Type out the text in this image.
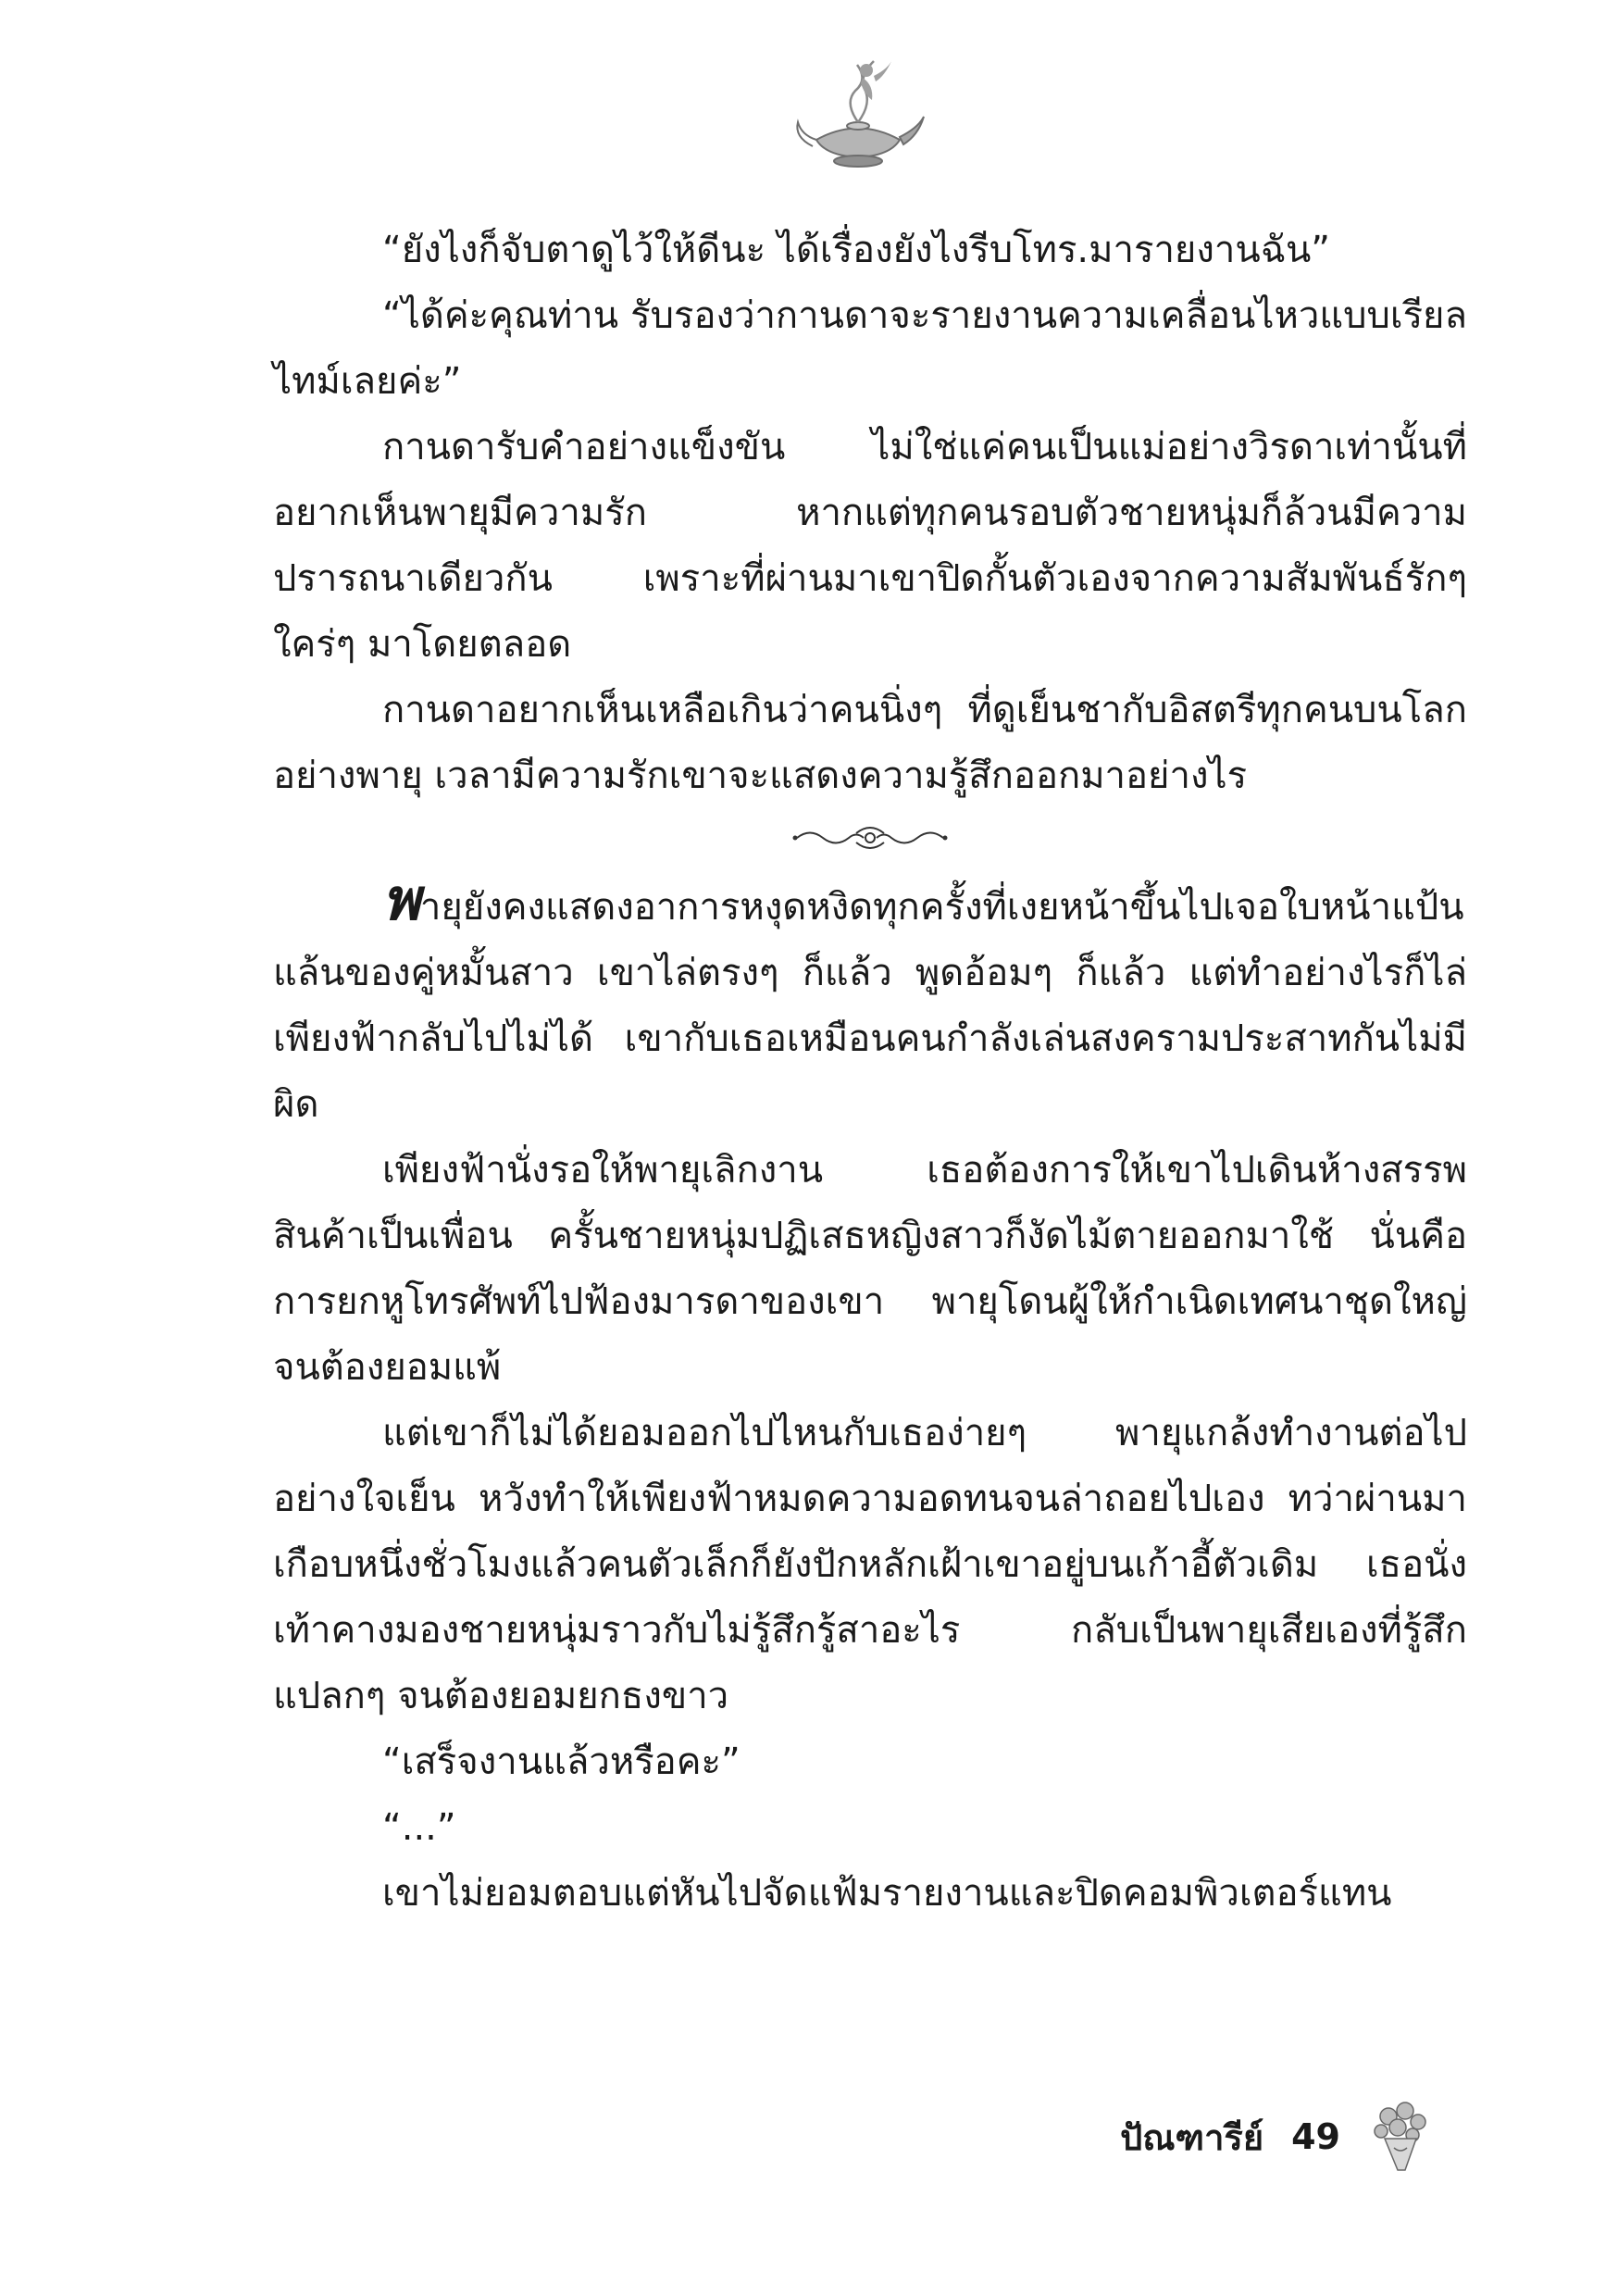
“ยังไงก็จับตาดูไว้ให้ดีนะ ได้เรื่องยังไงรีบโทร.มารายงานฉัน”

“ได้ค่ะคุณท่าน รับรองว่ากานดาจะรายงานความเคลื่อนไหวแบบเรียลไทม์เลยค่ะ”

กานดารับคำอย่างแข็งขัน ไม่ใช่แค่คนเป็นแม่อย่างวิรดาเท่านั้นที่อยากเห็นพายุมีความรัก หากแต่ทุกคนรอบตัวชายหนุ่มก็ล้วนมีความปรารถนาเดียวกัน เพราะที่ผ่านมาเขาปิดกั้นตัวเองจากความสัมพันธ์รักๆ ใคร่ๆ มาโดยตลอด

กานดาอยากเห็นเหลือเกินว่าคนนิ่งๆ ที่ดูเย็นชากับอิสตรีทุกคนบนโลกอย่างพายุ เวลามีความรักเขาจะแสดงความรู้สึกออกมาอย่างไร

พายุยังคงแสดงอาการหงุดหงิดทุกครั้งที่เงยหน้าขึ้นไปเจอใบหน้าแป้นแล้นของคู่หมั้นสาว เขาไล่ตรงๆ ก็แล้ว พูดอ้อมๆ ก็แล้ว แต่ทำอย่างไรก็ไล่เพียงฟ้ากลับไปไม่ได้ เขากับเธอเหมือนคนกำลังเล่นสงครามประสาทกันไม่มีผิด

เพียงฟ้านั่งรอให้พายุเลิกงาน เธอต้องการให้เขาไปเดินห้างสรรพสินค้าเป็นเพื่อน ครั้นชายหนุ่มปฏิเสธหญิงสาวก็งัดไม้ตายออกมาใช้ นั่นคือการยกหูโทรศัพท์ไปฟ้องมารดาของเขา พายุโดนผู้ให้กำเนิดเทศนาชุดใหญ่จนต้องยอมแพ้

แต่เขาก็ไม่ได้ยอมออกไปไหนกับเธอง่ายๆ พายุแกล้งทำงานต่อไปอย่างใจเย็น หวังทำให้เพียงฟ้าหมดความอดทนจนล่าถอยไปเอง ทว่าผ่านมาเกือบหนึ่งชั่วโมงแล้วคนตัวเล็กก็ยังปักหลักเฝ้าเขาอยู่บนเก้าอี้ตัวเดิม เธอนั่งเท้าคางมองชายหนุ่มราวกับไม่รู้สึกรู้สาอะไร กลับเป็นพายุเสียเองที่รู้สึกแปลกๆ จนต้องยอมยกธงขาว

“เสร็จงานแล้วหรือคะ”

“...”

เขาไม่ยอมตอบแต่หันไปจัดแฟ้มรายงานและปิดคอมพิวเตอร์แทน

ปัณฑารีย์ 49
